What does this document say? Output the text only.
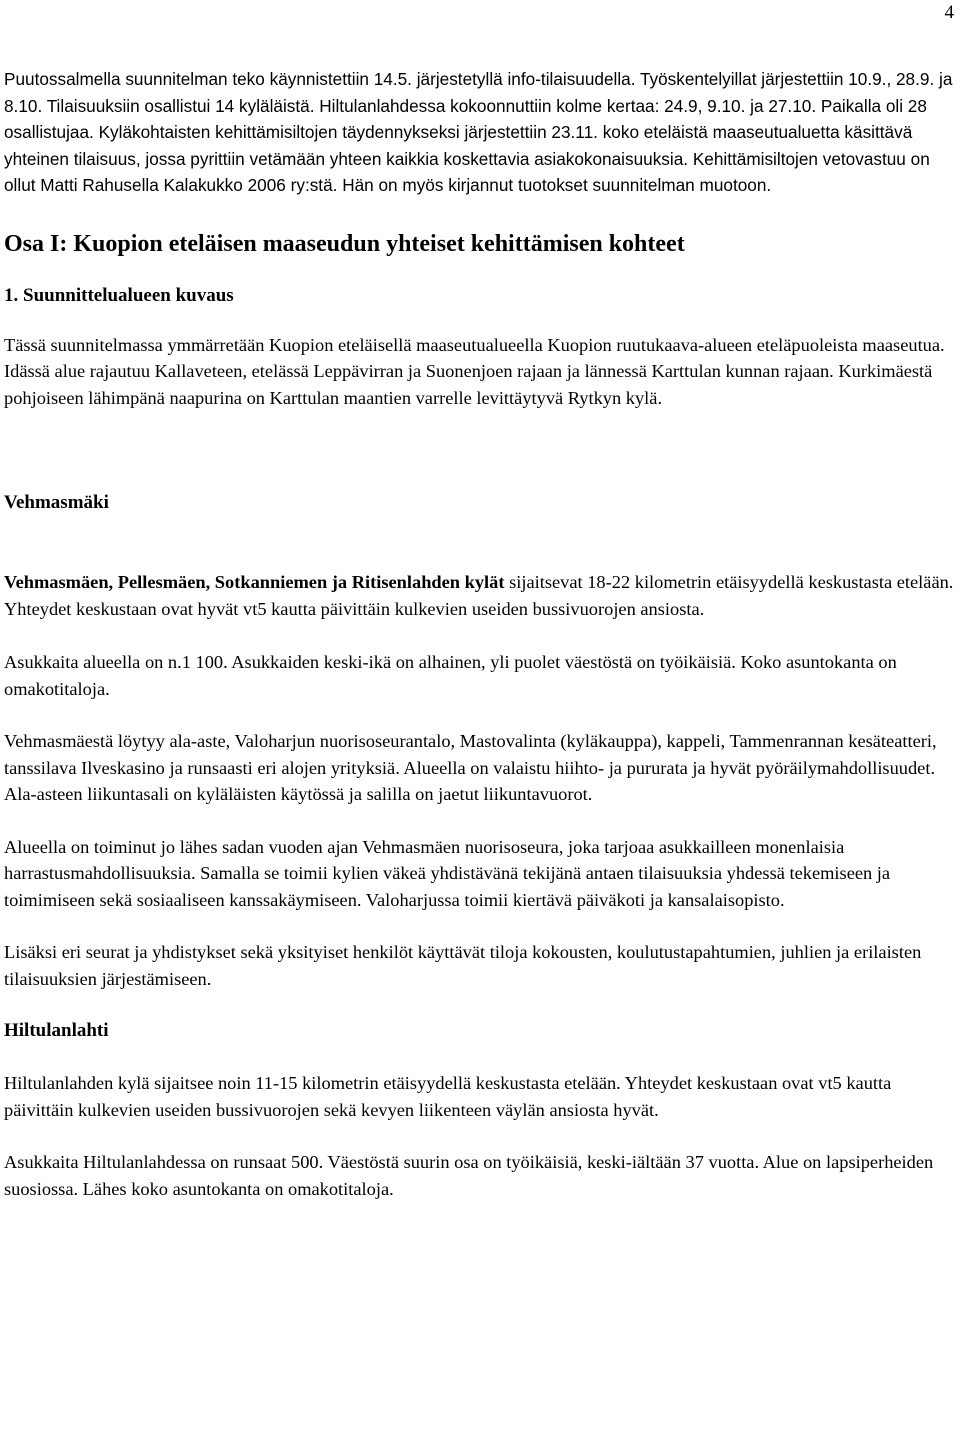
4

Puutossalmella suunnitelman teko käynnistettiin 14.5. järjestetyllä info-tilaisuudella. Työskentelyillat järjestettiin 10.9., 28.9. ja 8.10. Tilaisuuksiin osallistui 14 kyläläistä. Hiltulanlahdessa kokoonnuttiin kolme kertaa: 24.9, 9.10. ja 27.10. Paikalla oli 28 osallistujaa. Kyläkohtaisten kehittämisiltojen täydennykseksi järjestettiin 23.11. koko eteläistä maaseutualuetta käsittävä yhteinen tilaisuus, jossa pyrittiin vetämään yhteen kaikkia koskettavia asiakokonaisuuksia. Kehittämisiltojen vetovastuu on ollut Matti Rahusella Kalakukko 2006 ry:stä. Hän on myös kirjannut tuotokset suunnitelman muotoon.

Osa I: Kuopion eteläisen maaseudun yhteiset kehittämisen kohteet
1. Suunnittelualueen kuvaus

Tässä suunnitelmassa ymmärretään Kuopion eteläisellä maaseutualueella Kuopion ruutukaava-alueen eteläpuoleista maaseutua. Idässä alue rajautuu Kallaveteen, etelässä Leppävirran ja Suonenjoen rajaan ja lännessä Karttulan kunnan rajaan. Kurkimäestä pohjoiseen lähimpänä naapurina on Karttulan maantien varrelle levittäytyvä Rytkyn kylä.

Vehmasmäki

Vehmasmäen, Pellesmäen, Sotkanniemen ja Ritisenlahden kylät sijaitsevat 18-22 kilometrin etäisyydellä keskustasta etelään. Yhteydet keskustaan ovat hyvät vt5 kautta päivittäin kulkevien useiden bussivuorojen ansiosta.

Asukkaita alueella on n.1 100. Asukkaiden keski-ikä on alhainen, yli puolet väestöstä on työikäisiä. Koko asuntokanta on omakotitaloja.

Vehmasmäestä löytyy ala-aste, Valoharjun nuorisoseurantalo, Mastovalinta (kyläkauppa), kappeli, Tammenrannan kesäteatteri, tanssilava Ilveskasino ja runsaasti eri alojen yrityksiä. Alueella on valaistu hiihto- ja pururata ja hyvät pyöräilymahdollisuudet. Ala-asteen liikuntasali on kyläläisten käytössä ja salilla on jaetut liikuntavuorot.

Alueella on toiminut jo lähes sadan vuoden ajan Vehmasmäen nuorisoseura, joka tarjoaa asukkailleen monenlaisia harrastusmahdollisuuksia. Samalla se toimii kylien väkeä yhdistävänä tekijänä antaen tilaisuuksia yhdessä tekemiseen ja toimimiseen sekä sosiaaliseen kanssakäymiseen. Valoharjussa toimii kiertävä päiväkoti ja kansalaisopisto.

Lisäksi eri seurat ja yhdistykset sekä yksityiset henkilöt käyttävät tiloja kokousten, koulutustapahtumien, juhlien ja erilaisten tilaisuuksien järjestämiseen.

Hiltulanlahti

Hiltulanlahden kylä sijaitsee noin 11-15 kilometrin etäisyydellä keskustasta etelään. Yhteydet keskustaan ovat vt5 kautta päivittäin kulkevien useiden bussivuorojen sekä kevyen liikenteen väylän ansiosta hyvät.

Asukkaita Hiltulanlahdessa on runsaat 500. Väestöstä suurin osa on työikäisiä, keski-iältään 37 vuotta. Alue on lapsiperheiden suosiossa. Lähes koko asuntokanta on omakotitaloja.
